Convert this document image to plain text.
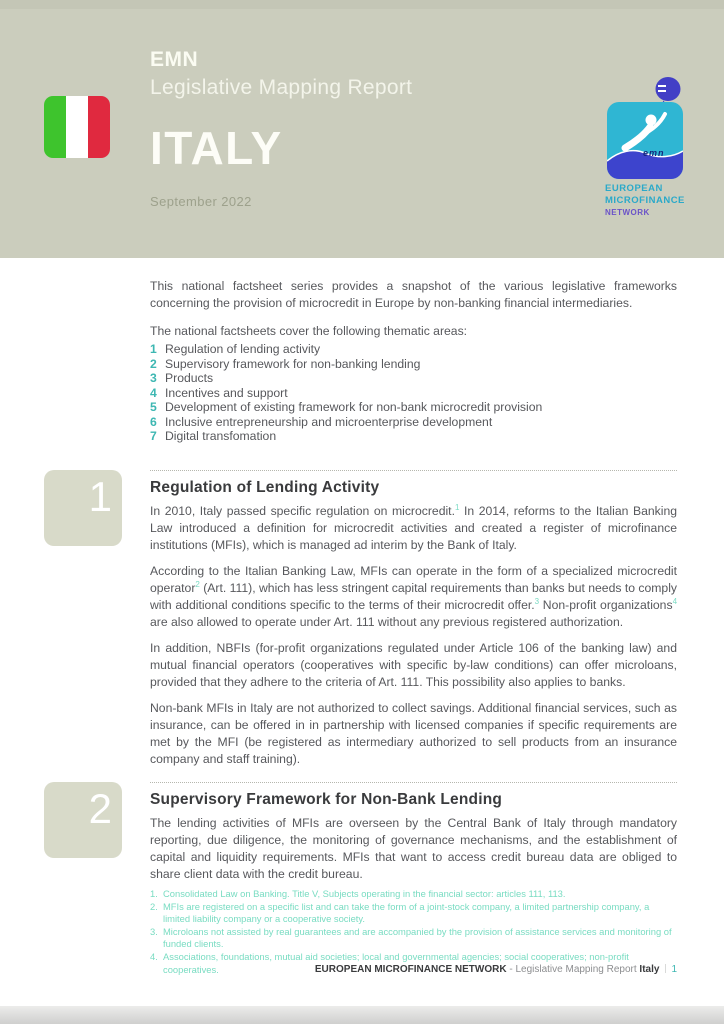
EMN
Legislative Mapping Report
ITALY
September 2022
emn
EUROPEAN
MICROFINANCE
NETWORK

This national factsheet series provides a snapshot of the various legislative frameworks concerning the provision of microcredit in Europe by non-banking financial intermediaries.

The national factsheets cover the following thematic areas:

1 Regulation of lending activity
2 Supervisory framework for non-banking lending
3 Products
4 Incentives and support
5 Development of existing framework for non-bank microcredit provision
6 Inclusive entrepreneurship and microenterprise development
7 Digital transfomation
1	Regulation of Lending Activity

In 2010, Italy passed specific regulation on microcredit.$^1$ In 2014, reforms to the Italian Banking Law introduced a definition for microcredit activities and created a register of microfinance institutions (MFIs), which is managed ad interim by the Bank of Italy.

According to the Italian Banking Law, MFIs can operate in the form of a specialized microcredit operator$^2$ (Art. 111), which has less stringent capital requirements than banks but needs to comply with additional conditions specific to the terms of their microcredit offer.$^3$ Non-profit organizations$^4$ are also allowed to operate under Art. 111 without any previous registered authorization.

In addition, NBFIs (for-profit organizations regulated under Article 106 of the banking law) and mutual financial operators (cooperatives with specific by-law conditions) can offer microloans, provided that they adhere to the criteria of Art. 111. This possibility also applies to banks.

Non-bank MFIs in Italy are not authorized to collect savings. Additional financial services, such as insurance, can be offered in in partnership with licensed companies if specific requirements are met by the MFI (be registered as intermediary authorized to sell products from an insurance company and staff training).

2	Supervisory Framework for Non-Bank Lending

The lending activities of MFIs are overseen by the Central Bank of Italy through mandatory reporting, due diligence, the monitoring of governance mechanisms, and the establishment of capital and liquidity requirements. MFIs that want to access credit bureau data are obliged to share client data with the credit bureau.

1. Consolidated Law on Banking. Title V, Subjects operating in the financial sector: articles 111, 113.
2. MFIs are registered on a specific list and can take the form of a joint-stock company, a limited partnership company, a limited liability company or a cooperative society.
3. Microloans not assisted by real guarantees and are accompanied by the provision of assistance services and monitoring of funded clients.
4. Associations, foundations, mutual aid societies; local and governmental agencies; social cooperatives; non-profit cooperatives.	EUROPEAN MICROFINANCE NETWORK - Legislative Mapping Report Italy 1
